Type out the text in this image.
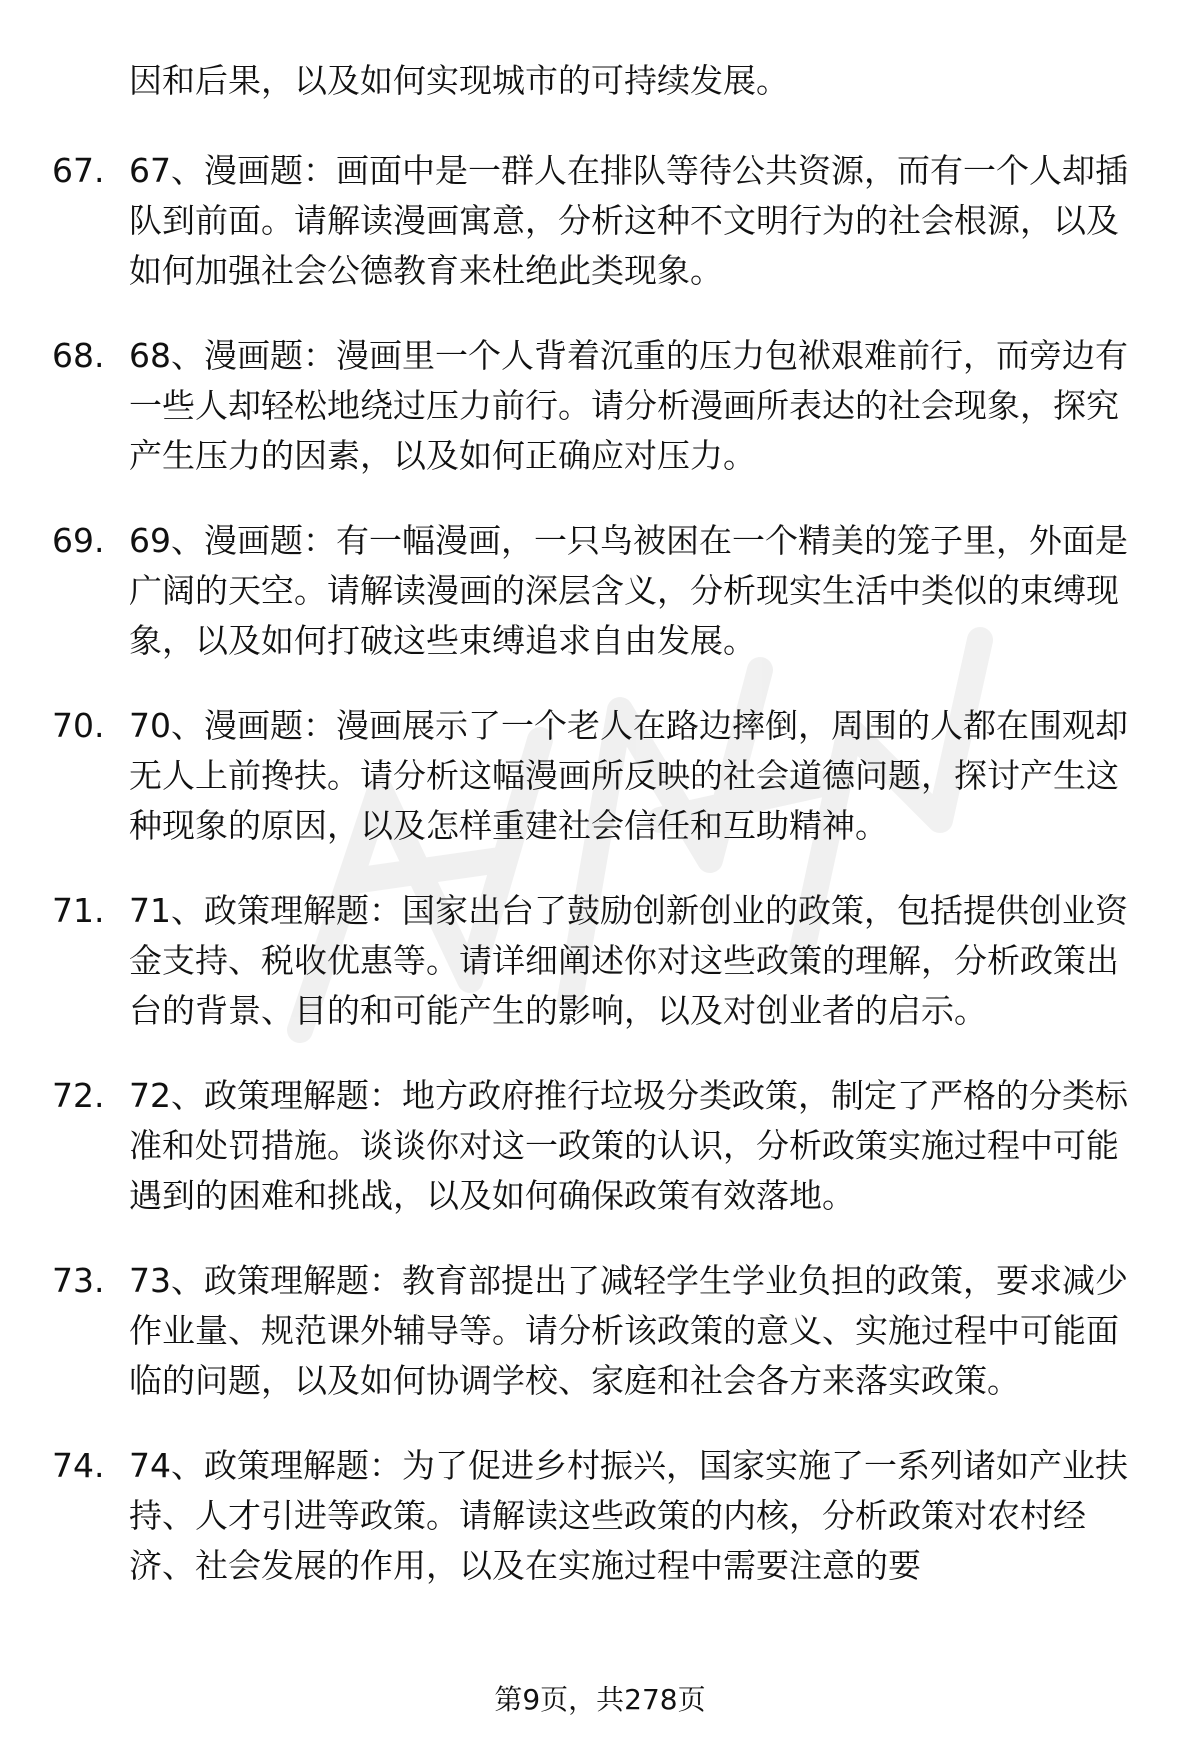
因和后果，以及如何实现城市的可持续发展。
67. 67、漫画题：画面中是一群人在排队等待公共资源，而有一个人却插队到前面。请解读漫画寓意，分析这种不文明行为的社会根源，以及如何加强社会公德教育来杜绝此类现象。
68. 68、漫画题：漫画里一个人背着沉重的压力包袱艰难前行，而旁边有一些人却轻松地绕过压力前行。请分析漫画所表达的社会现象，探究产生压力的因素，以及如何正确应对压力。
69. 69、漫画题：有一幅漫画，一只鸟被困在一个精美的笼子里，外面是广阔的天空。请解读漫画的深层含义，分析现实生活中类似的束缚现象，以及如何打破这些束缚追求自由发展。
70. 70、漫画题：漫画展示了一个老人在路边摔倒，周围的人都在围观却无人上前搀扶。请分析这幅漫画所反映的社会道德问题，探讨产生这种现象的原因，以及怎样重建社会信任和互助精神。
71. 71、政策理解题：国家出台了鼓励创新创业的政策，包括提供创业资金支持、税收优惠等。请详细阐述你对这些政策的理解，分析政策出台的背景、目的和可能产生的影响，以及对创业者的启示。
72. 72、政策理解题：地方政府推行垃圾分类政策，制定了严格的分类标准和处罚措施。谈谈你对这一政策的认识，分析政策实施过程中可能遇到的困难和挑战，以及如何确保政策有效落地。
73. 73、政策理解题：教育部提出了减轻学生学业负担的政策，要求减少作业量、规范课外辅导等。请分析该政策的意义、实施过程中可能面临的问题，以及如何协调学校、家庭和社会各方来落实政策。
74. 74、政策理解题：为了促进乡村振兴，国家实施了一系列诸如产业扶持、人才引进等政策。请解读这些政策的内核，分析政策对农村经济、社会发展的作用，以及在实施过程中需要注意的要
第9页，共278页
